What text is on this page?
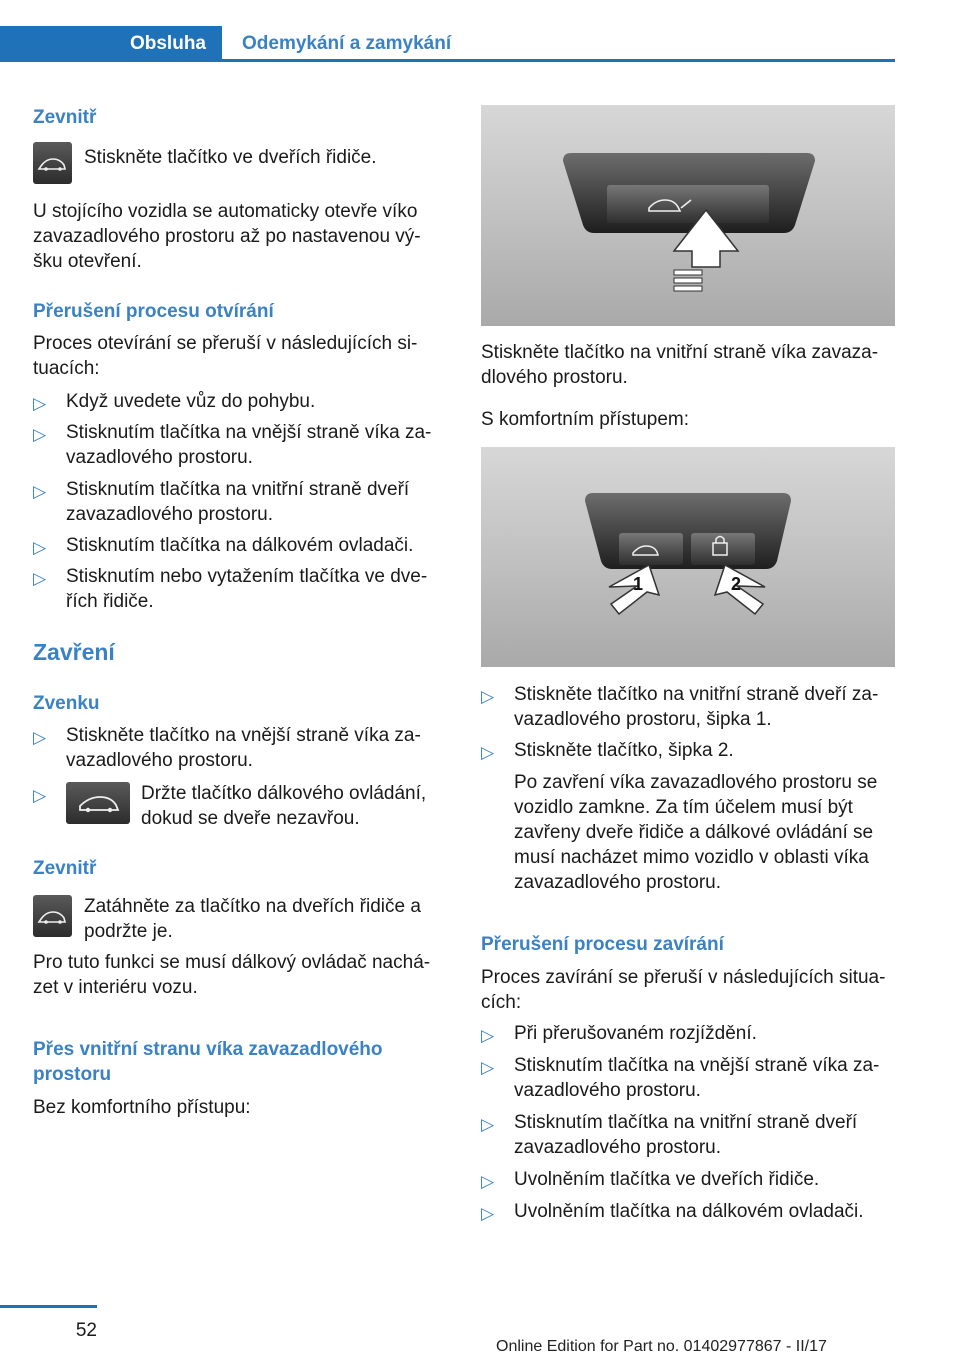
Obsluha	Odemykání a zamykání
Zevnitř
Stiskněte tlačítko ve dveřích řidiče.
U stojícího vozidla se automaticky otevře víko
zavazadlového prostoru až po nastavenou vý‐
šku otevření.
Přerušení procesu otvírání
Proces otevírání se přeruší v následujících si‐
tuacích:
▷ Když uvedete vůz do pohybu.
▷ Stisknutím tlačítka na vnější straně víka za‐
vazadlového prostoru.
▷ Stisknutím tlačítka na vnitřní straně dveří
zavazadlového prostoru.
▷ Stisknutím tlačítka na dálkovém ovladači.
▷ Stisknutím nebo vytažením tlačítka ve dve‐
řích řidiče.
Zavření
Zvenku
▷ Stiskněte tlačítko na vnější straně víka za‐
vazadlového prostoru.
▷	Držte tlačítko dálkového ovládání,
dokud se dveře nezavřou.
Zevnitř
Zatáhněte za tlačítko na dveřích řidiče a
podržte je.
Pro tuto funkci se musí dálkový ovládač nachá‐
zet v interiéru vozu.
Přes vnitřní stranu víka zavazadlového
prostoru
Bez komfortního přístupu:
Stiskněte tlačítko na vnitřní straně víka zavaza‐
dlového prostoru.
S komfortním přístupem:
1	2
▷ Stiskněte tlačítko na vnitřní straně dveří za‐
vazadlového prostoru, šipka 1.
▷ Stiskněte tlačítko, šipka 2.
Po zavření víka zavazadlového prostoru se
vozidlo zamkne. Za tím účelem musí být
zavřeny dveře řidiče a dálkové ovládání se
musí nacházet mimo vozidlo v oblasti víka
zavazadlového prostoru.
Přerušení procesu zavírání
Proces zavírání se přeruší v následujících situa‐
cích:
▷ Při přerušovaném rozjíždění.
▷ Stisknutím tlačítka na vnější straně víka za‐
vazadlového prostoru.
▷ Stisknutím tlačítka na vnitřní straně dveří
zavazadlového prostoru.
▷ Uvolněním tlačítka ve dveřích řidiče.
▷ Uvolněním tlačítka na dálkovém ovladači.
52
Online Edition for Part no. 01402977867 - II/17
